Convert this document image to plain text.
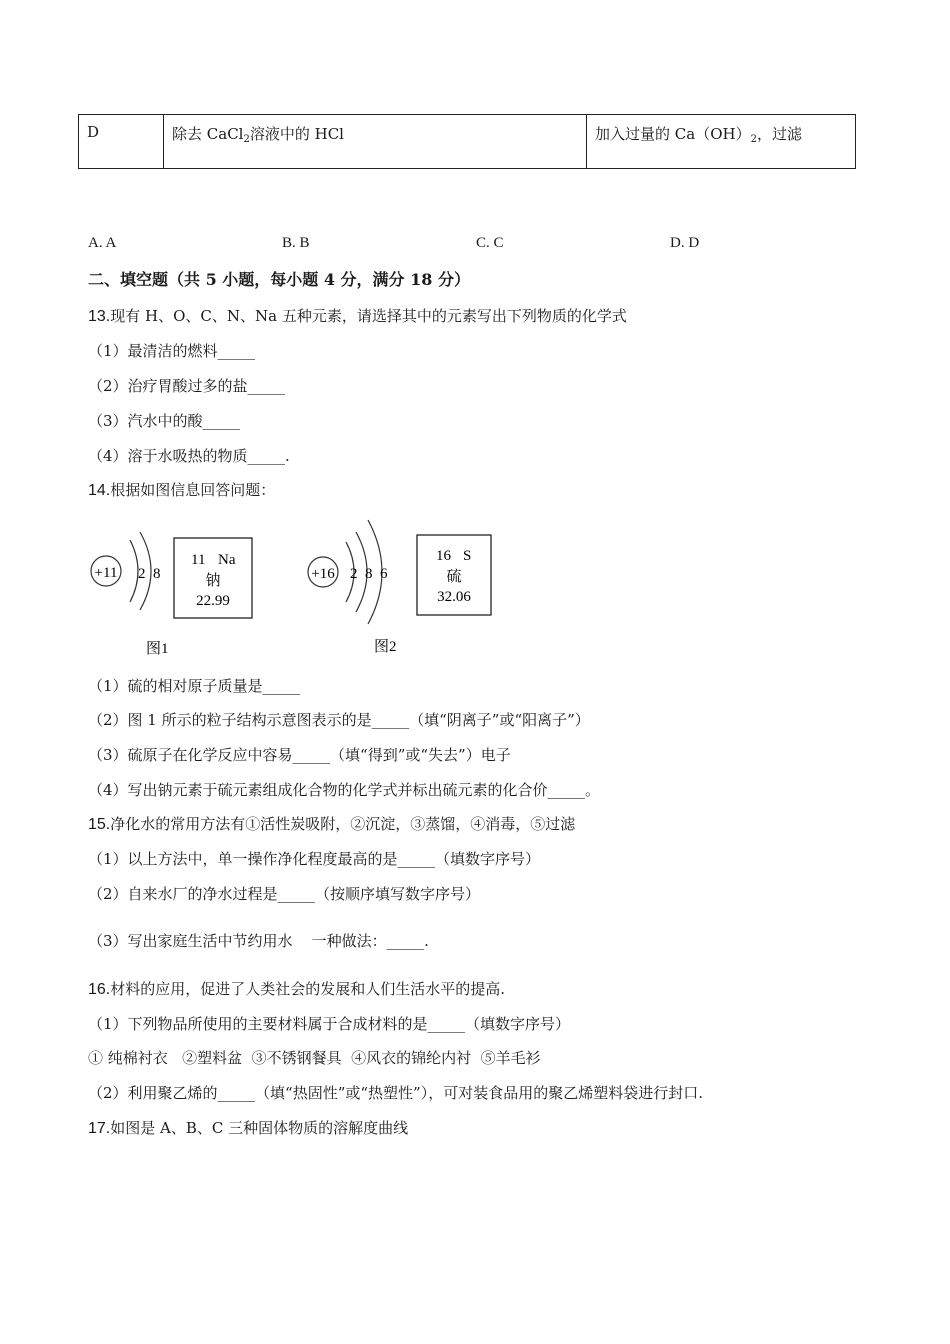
D	除去 CaCl$_2$溶液中的 HCl	加入过量的 $Ca(OH)_2$，过滤
A. A	B. B	C. C	D. D
二、填空题（共 5 小题，每小题 4 分，满分 18 分）
13.现有 H、O、C、N、Na 五种元素，请选择其中的元素写出下列物质的化学式
（1）最清洁的燃料_____
（2）治疗胃酸过多的盐_____
（3）汽水中的酸_____
（4）溶于水吸热的物质_____.
14.根据如图信息回答问题：
+11 2  8
11 Na
钠
22.99
图1
+16 2  8  6
16 S
硫
32.06
图2
（1）硫的相对原子质量是_____
（2）图 1 所示的粒子结构示意图表示的是_____（填“阴离子”或“阳离子”）
（3）硫原子在化学反应中容易_____（填“得到”或“失去”）电子
（4）写出钠元素于硫元素组成化合物的化学式并标出硫元素的化合价_____。
15.净化水的常用方法有①活性炭吸附，②沉淀，③蒸馏，④消毒，⑤过滤
（1）以上方法中，单一操作净化程度最高的是_____（填数字序号）
（2）自来水厂的净水过程是_____（按顺序填写数字序号）
（3）写出家庭生活中节约用水    一种做法：_____.
16.材料的应用，促进了人类社会的发展和人们生活水平的提高.
（1）下列物品所使用的主要材料属于合成材料的是_____（填数字序号）
① 纯棉衬衣   ②塑料盆  ③不锈钢餐具  ④风衣的锦纶内衬  ⑤羊毛衫
（2）利用聚乙烯的_____（填“热固性”或“热塑性”），可对装食品用的聚乙烯塑料袋进行封口.
17.如图是 A、B、C 三种固体物质的溶解度曲线
